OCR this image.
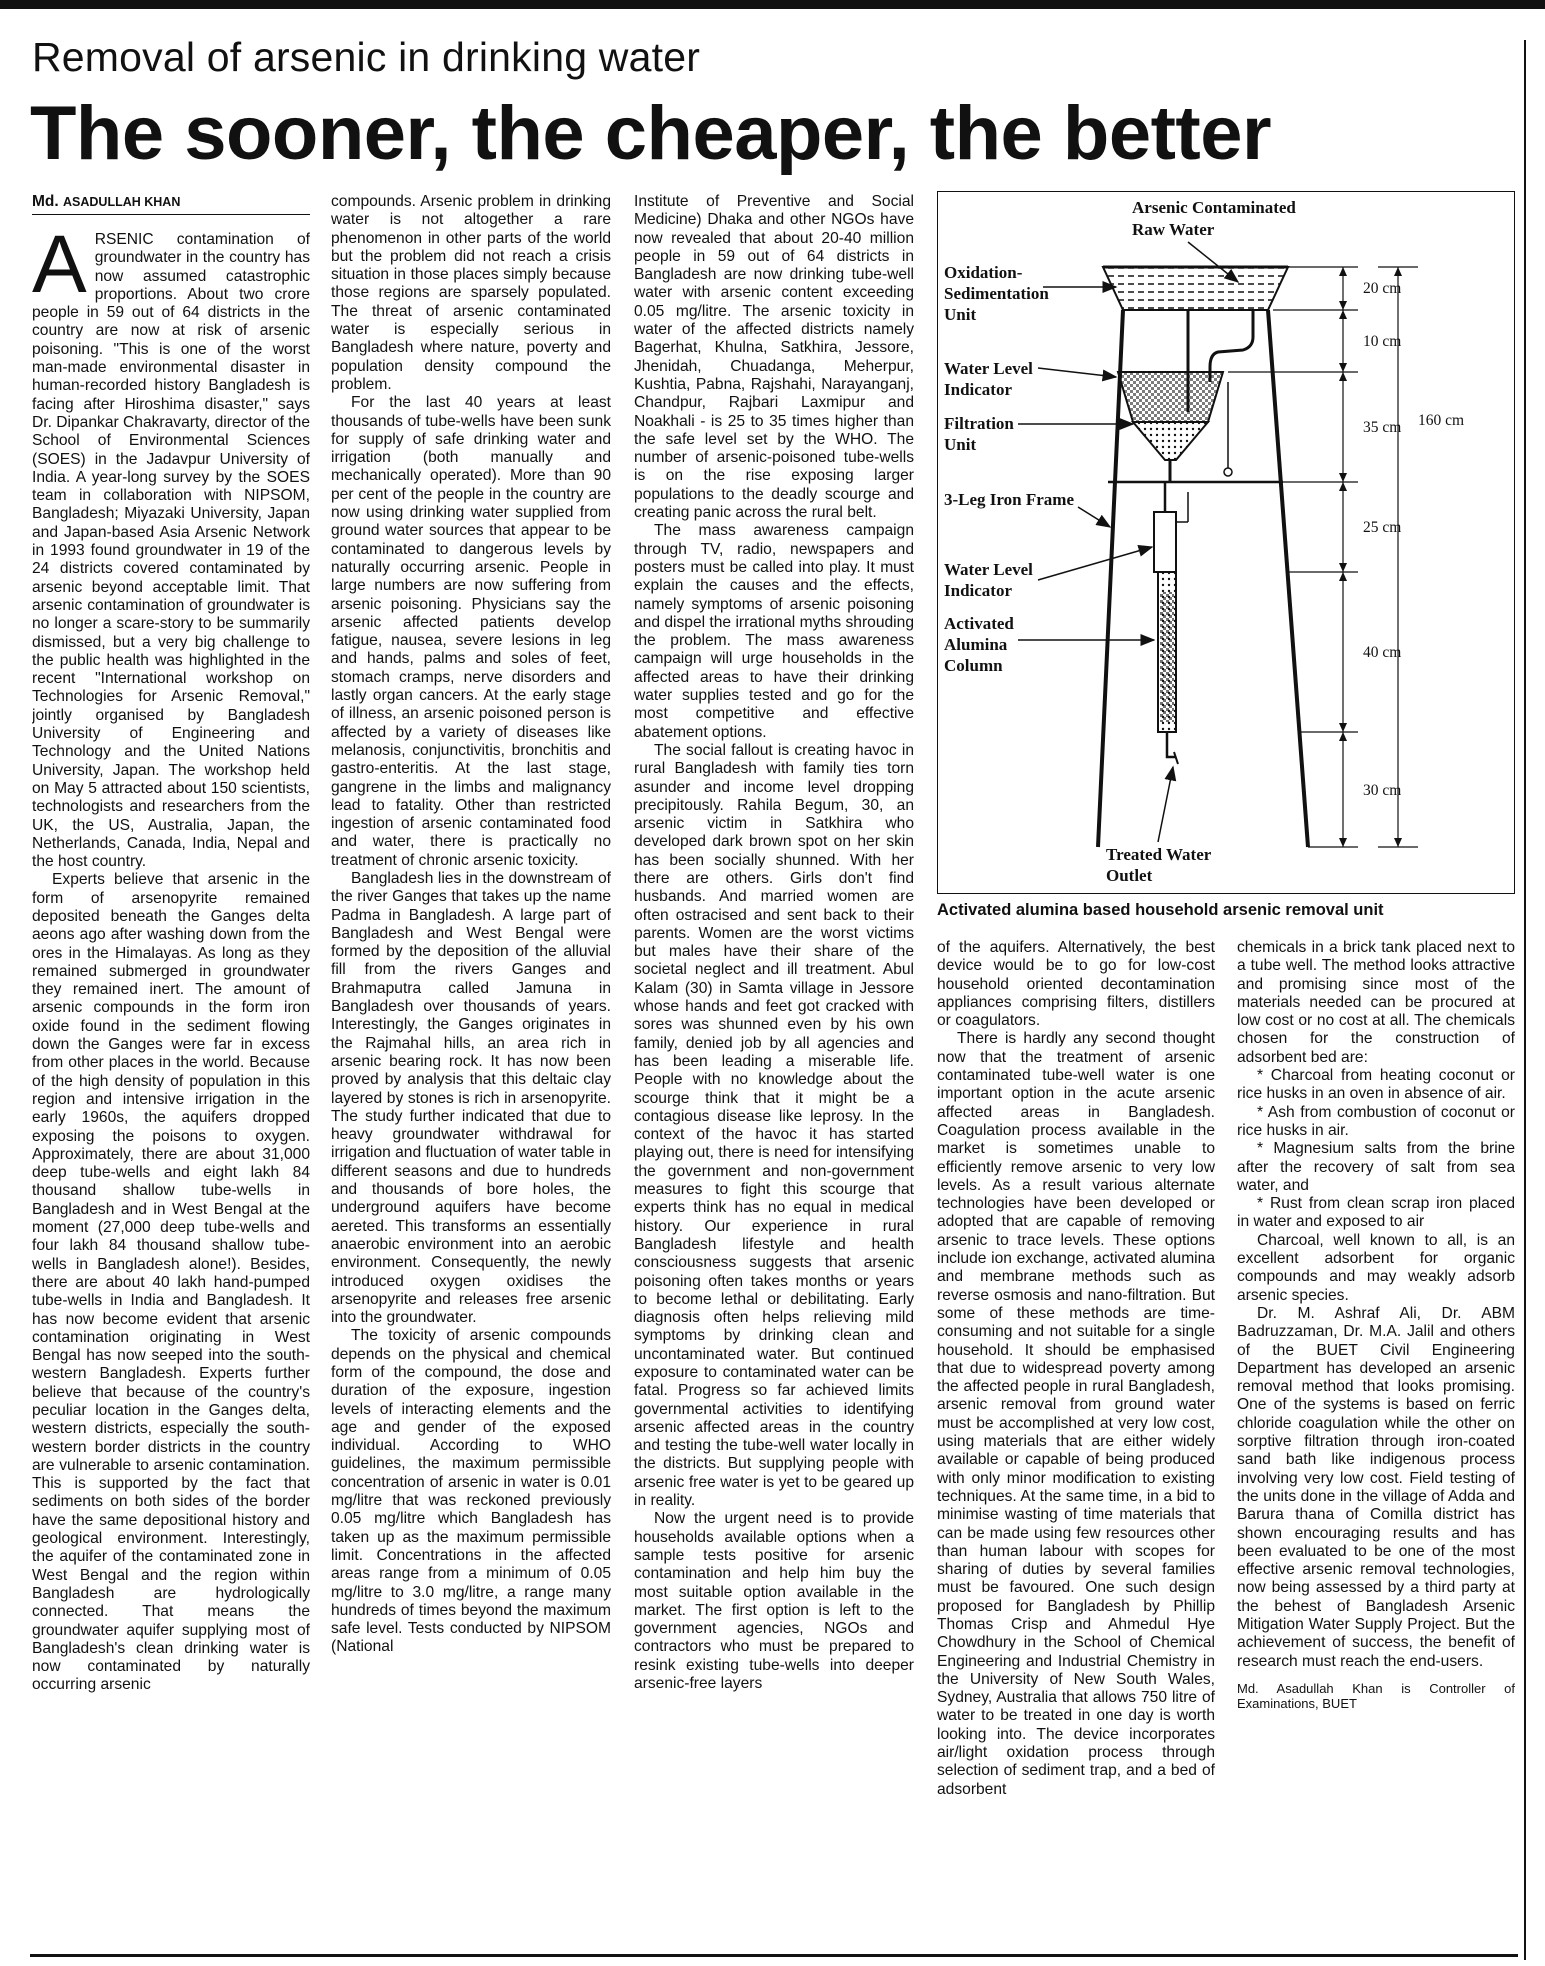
Removal of arsenic in drinking water
The sooner, the cheaper, the better
Md. ASADULLAH KHAN

ARSENIC contamination of groundwater in the country has now assumed catastrophic proportions. About two crore people in 59 out of 64 districts in the country are now at risk of arsenic poisoning. "This is one of the worst man-made environmental disaster in human-recorded history Bangladesh is facing after Hiroshima disaster," says Dr. Dipankar Chakravarty, director of the School of Environmental Sciences (SOES) in the Jadavpur University of India. A year-long survey by the SOES team in collaboration with NIPSOM, Bangladesh; Miyazaki University, Japan and Japan-based Asia Arsenic Network in 1993 found groundwater in 19 of the 24 districts covered contaminated by arsenic beyond acceptable limit. That arsenic contamination of groundwater is no longer a scare-story to be summarily dismissed, but a very big challenge to the public health was highlighted in the recent "International workshop on Technologies for Arsenic Removal," jointly organised by Bangladesh University of Engineering and Technology and the United Nations University, Japan. The workshop held on May 5 attracted about 150 scientists, technologists and researchers from the UK, the US, Australia, Japan, the Netherlands, Canada, India, Nepal and the host country.

Experts believe that arsenic in the form of arsenopyrite remained deposited beneath the Ganges delta aeons ago after washing down from the ores in the Himalayas. As long as they remained submerged in groundwater they remained inert. The amount of arsenic compounds in the form iron oxide found in the sediment flowing down the Ganges were far in excess from other places in the world. Because of the high density of population in this region and intensive irrigation in the early 1960s, the aquifers dropped exposing the poisons to oxygen. Approximately, there are about 31,000 deep tube-wells and eight lakh 84 thousand shallow tube-wells in Bangladesh and in West Bengal at the moment (27,000 deep tube-wells and four lakh 84 thousand shallow tube-wells in Bangladesh alone!). Besides, there are about 40 lakh hand-pumped tube-wells in India and Bangladesh. It has now become evident that arsenic contamination originating in West Bengal has now seeped into the south-western Bangladesh. Experts further believe that because of the country's peculiar location in the Ganges delta, western districts, especially the south-western border districts in the country are vulnerable to arsenic contamination. This is supported by the fact that sediments on both sides of the border have the same depositional history and geological environment. Interestingly, the aquifer of the contaminated zone in West Bengal and the region within Bangladesh are hydrologically connected. That means the groundwater aquifer supplying most of Bangladesh's clean drinking water is now contaminated by naturally occurring arsenic

compounds. Arsenic problem in drinking water is not altogether a rare phenomenon in other parts of the world but the problem did not reach a crisis situation in those places simply because those regions are sparsely populated. The threat of arsenic contaminated water is especially serious in Bangladesh where nature, poverty and population density compound the problem.

For the last 40 years at least thousands of tube-wells have been sunk for supply of safe drinking water and irrigation (both manually and mechanically operated). More than 90 per cent of the people in the country are now using drinking water supplied from ground water sources that appear to be contaminated to dangerous levels by naturally occurring arsenic. People in large numbers are now suffering from arsenic poisoning. Physicians say the arsenic affected patients develop fatigue, nausea, severe lesions in leg and hands, palms and soles of feet, stomach cramps, nerve disorders and lastly organ cancers. At the early stage of illness, an arsenic poisoned person is affected by a variety of diseases like melanosis, conjunctivitis, bronchitis and gastro-enteritis. At the last stage, gangrene in the limbs and malignancy lead to fatality. Other than restricted ingestion of arsenic contaminated food and water, there is practically no treatment of chronic arsenic toxicity.

Bangladesh lies in the downstream of the river Ganges that takes up the name Padma in Bangladesh. A large part of Bangladesh and West Bengal were formed by the deposition of the alluvial fill from the rivers Ganges and Brahmaputra called Jamuna in Bangladesh over thousands of years. Interestingly, the Ganges originates in the Rajmahal hills, an area rich in arsenic bearing rock. It has now been proved by analysis that this deltaic clay layered by stones is rich in arsenopyrite. The study further indicated that due to heavy groundwater withdrawal for irrigation and fluctuation of water table in different seasons and due to hundreds and thousands of bore holes, the underground aquifers have become aereted. This transforms an essentially anaerobic environment into an aerobic environment. Consequently, the newly introduced oxygen oxidises the arsenopyrite and releases free arsenic into the groundwater.

The toxicity of arsenic compounds depends on the physical and chemical form of the compound, the dose and duration of the exposure, ingestion levels of interacting elements and the age and gender of the exposed individual. According to WHO guidelines, the maximum permissible concentration of arsenic in water is 0.01 mg/litre that was reckoned previously 0.05 mg/litre which Bangladesh has taken up as the maximum permissible limit. Concentrations in the affected areas range from a minimum of 0.05 mg/litre to 3.0 mg/litre, a range many hundreds of times beyond the maximum safe level. Tests conducted by NIPSOM (National

Institute of Preventive and Social Medicine) Dhaka and other NGOs have now revealed that about 20-40 million people in 59 out of 64 districts in Bangladesh are now drinking tube-well water with arsenic content exceeding 0.05 mg/litre. The arsenic toxicity in water of the affected districts namely Bagerhat, Khulna, Satkhira, Jessore, Jhenidah, Chuadanga, Meherpur, Kushtia, Pabna, Rajshahi, Narayanganj, Chandpur, Rajbari Laxmipur and Noakhali - is 25 to 35 times higher than the safe level set by the WHO. The number of arsenic-poisoned tube-wells is on the rise exposing larger populations to the deadly scourge and creating panic across the rural belt.

The mass awareness campaign through TV, radio, newspapers and posters must be called into play. It must explain the causes and the effects, namely symptoms of arsenic poisoning and dispel the irrational myths shrouding the problem. The mass awareness campaign will urge households in the affected areas to have their drinking water supplies tested and go for the most competitive and effective abatement options.

The social fallout is creating havoc in rural Bangladesh with family ties torn asunder and income level dropping precipitously. Rahila Begum, 30, an arsenic victim in Satkhira who developed dark brown spot on her skin has been socially shunned. With her there are others. Girls don't find husbands. And married women are often ostracised and sent back to their parents. Women are the worst victims but males have their share of the societal neglect and ill treatment. Abul Kalam (30) in Samta village in Jessore whose hands and feet got cracked with sores was shunned even by his own family, denied job by all agencies and has been leading a miserable life. People with no knowledge about the scourge think that it might be a contagious disease like leprosy. In the context of the havoc it has started playing out, there is need for intensifying the government and non-government measures to fight this scourge that experts think has no equal in medical history. Our experience in rural Bangladesh lifestyle and health consciousness suggests that arsenic poisoning often takes months or years to become lethal or debilitating. Early diagnosis often helps relieving mild symptoms by drinking clean and uncontaminated water. But continued exposure to contaminated water can be fatal. Progress so far achieved limits governmental activities to identifying arsenic affected areas in the country and testing the tube-well water locally in the districts. But supplying people with arsenic free water is yet to be geared up in reality.

Now the urgent need is to provide households available options when a sample tests positive for arsenic contamination and help him buy the most suitable option available in the market. The first option is left to the government agencies, NGOs and contractors who must be prepared to resink existing tube-wells into deeper arsenic-free layers

Arsenic Contaminated
Raw Water
Oxidation-
Sedimentation
Unit
Water Level
Indicator
Filtration
Unit
3-Leg Iron Frame
Water Level
Indicator
Activated
Alumina
Column
Treated Water
Outlet
20 cm
10 cm
35 cm
25 cm
40 cm
30 cm
160 cm
Activated alumina based household arsenic removal unit

of the aquifers. Alternatively, the best device would be to go for low-cost household oriented decontamination appliances comprising filters, distillers or coagulators.

There is hardly any second thought now that the treatment of arsenic contaminated tube-well water is one important option in the acute arsenic affected areas in Bangladesh. Coagulation process available in the market is sometimes unable to efficiently remove arsenic to very low levels. As a result various alternate technologies have been developed or adopted that are capable of removing arsenic to trace levels. These options include ion exchange, activated alumina and membrane methods such as reverse osmosis and nano-filtration. But some of these methods are time-consuming and not suitable for a single household. It should be emphasised that due to widespread poverty among the affected people in rural Bangladesh, arsenic removal from ground water must be accomplished at very low cost, using materials that are either widely available or capable of being produced with only minor modification to existing techniques. At the same time, in a bid to minimise wasting of time materials that can be made using few resources other than human labour with scopes for sharing of duties by several families must be favoured. One such design proposed for Bangladesh by Phillip Thomas Crisp and Ahmedul Hye Chowdhury in the School of Chemical Engineering and Industrial Chemistry in the University of New South Wales, Sydney, Australia that allows 750 litre of water to be treated in one day is worth looking into. The device incorporates air/light oxidation process through selection of sediment trap, and a bed of adsorbent

chemicals in a brick tank placed next to a tube well. The method looks attractive and promising since most of the materials needed can be procured at low cost or no cost at all. The chemicals chosen for the construction of adsorbent bed are:

* Charcoal from heating coconut or rice husks in an oven in absence of air.

* Ash from combustion of coconut or rice husks in air.

* Magnesium salts from the brine after the recovery of salt from sea water, and

* Rust from clean scrap iron placed in water and exposed to air

Charcoal, well known to all, is an excellent adsorbent for organic compounds and may weakly adsorb arsenic species.

Dr. M. Ashraf Ali, Dr. ABM Badruzzaman, Dr. M.A. Jalil and others of the BUET Civil Engineering Department has developed an arsenic removal method that looks promising. One of the systems is based on ferric chloride coagulation while the other on sorptive filtration through iron-coated sand bath like indigenous process involving very low cost. Field testing of the units done in the village of Adda and Barura thana of Comilla district has shown encouraging results and has been evaluated to be one of the most effective arsenic removal technologies, now being assessed by a third party at the behest of Bangladesh Arsenic Mitigation Water Supply Project. But the achievement of success, the benefit of research must reach the end-users.

Md. Asadullah Khan is Controller of Examinations, BUET
